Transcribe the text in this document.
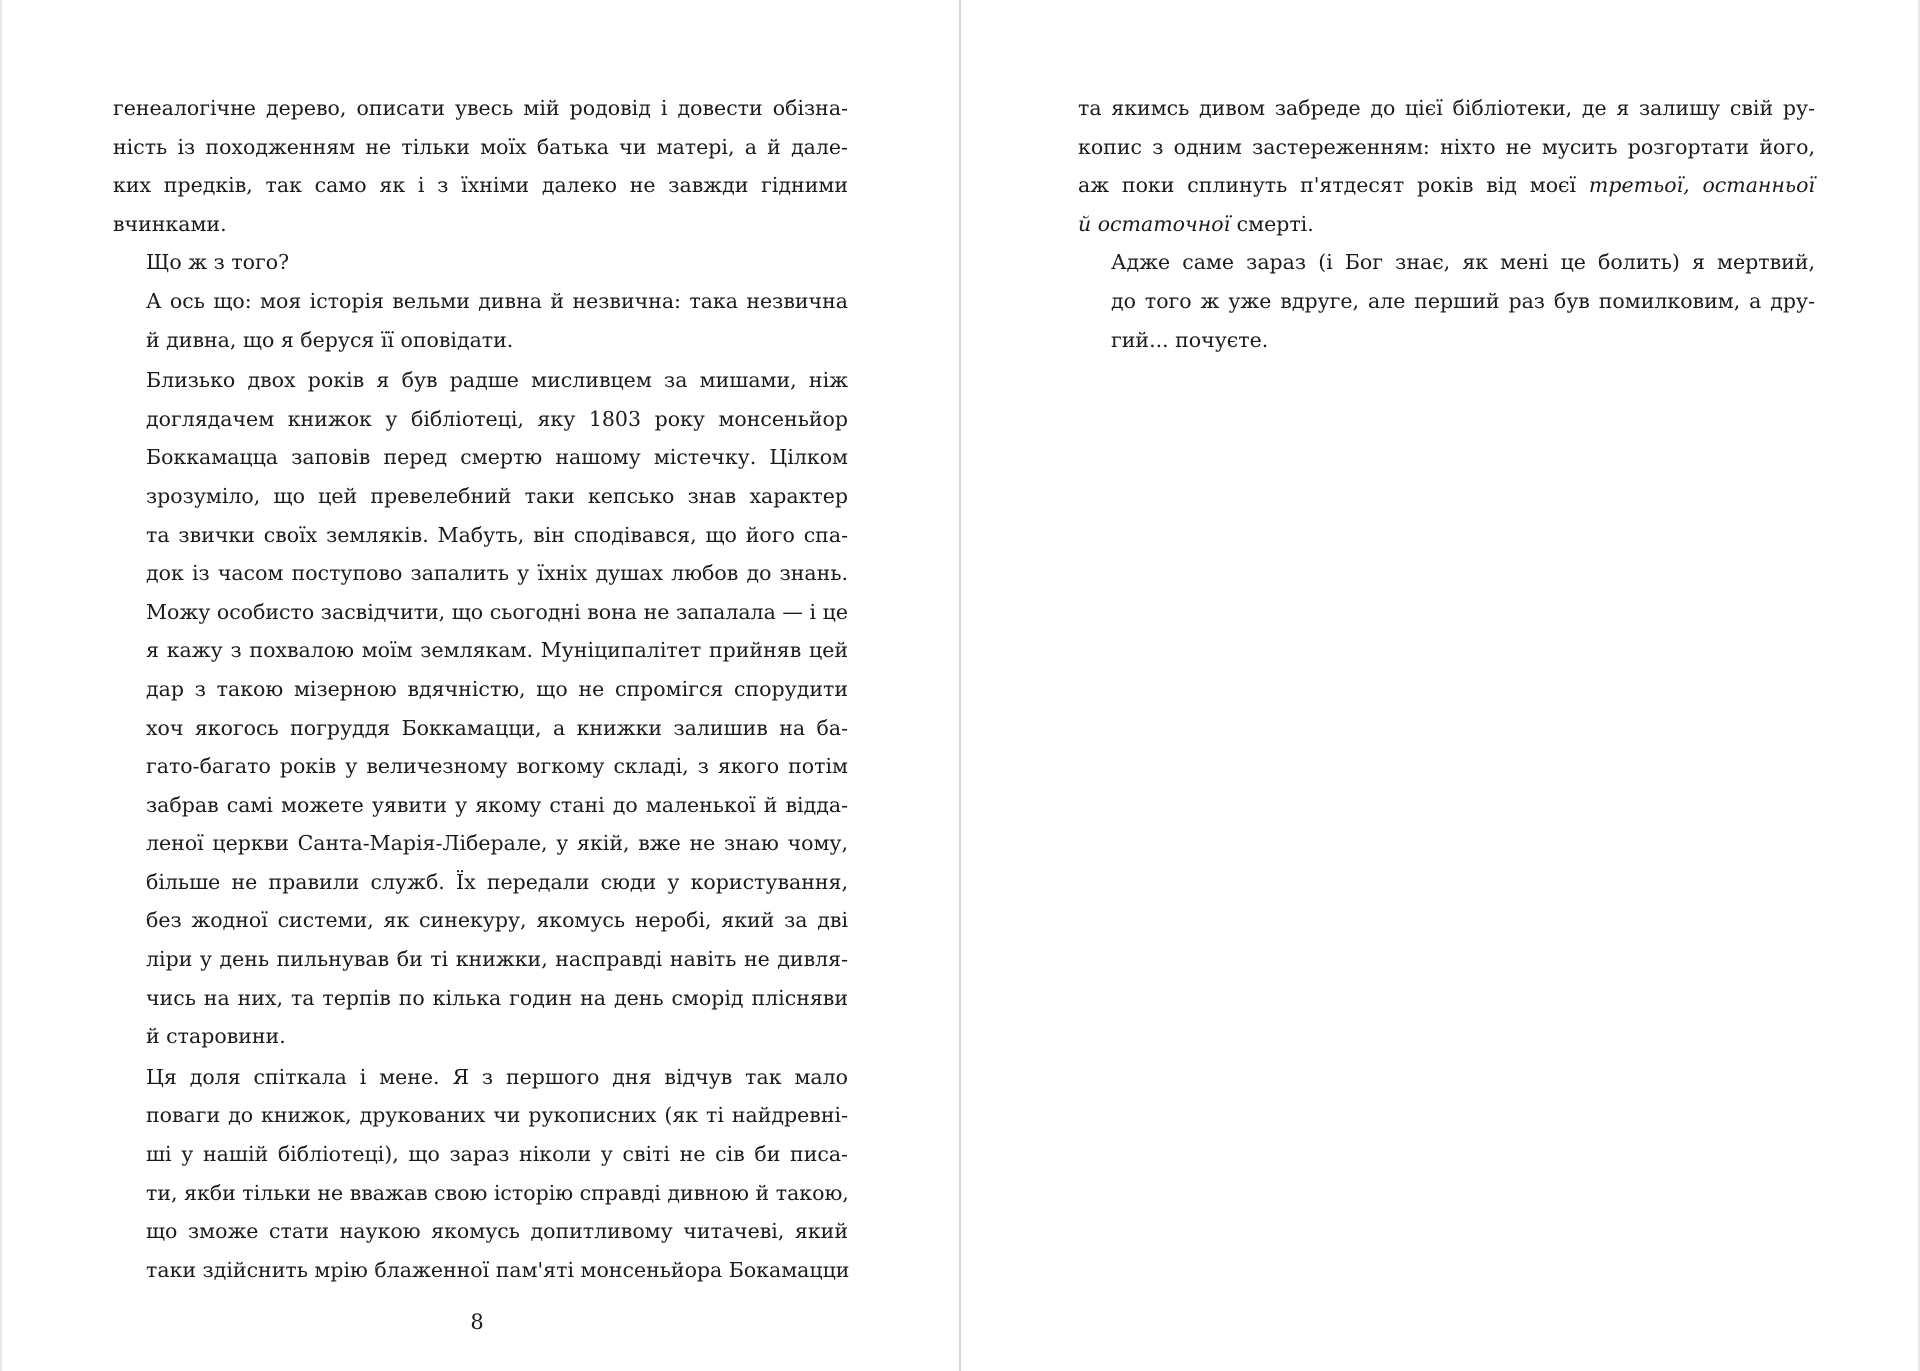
генеалогічне дерево, описати увесь мій родовід і довести обізна-
ність із походженням не тільки моїх батька чи матері, а й дале-
ких предків, так само як і з їхніми далеко не завжди гідними
вчинками.

Що ж з того?

А ось що: моя історія вельми дивна й незвична: така незвична
й дивна, що я беруся її оповідати.

Близько двох років я був радше мисливцем за мишами, ніж
доглядачем книжок у бібліотеці, яку 1803 року монсеньйор
Боккамацца заповів перед смертю нашому містечку. Цілком
зрозуміло, що цей превелебний таки кепсько знав характер
та звички своїх земляків. Мабуть, він сподівався, що його спа-
док із часом поступово запалить у їхніх душах любов до знань.
Можу особисто засвідчити, що сьогодні вона не запалала — і це
я кажу з похвалою моїм землякам. Муніципалітет прийняв цей
дар з такою мізерною вдячністю, що не спромігся спорудити
хоч якогось погруддя Боккамацци, а книжки залишив на ба-
гато-багато років у величезному вогкому складі, з якого потім
забрав самі можете уявити у якому стані до маленької й відда-
леної церкви Санта-Марія-Ліберале, у якій, вже не знаю чому,
більше не правили служб. Їх передали сюди у користування,
без жодної системи, як синекуру, якомусь неробі, який за дві
ліри у день пильнував би ті книжки, насправді навіть не дивля-
чись на них, та терпів по кілька годин на день сморід плісняви
й старовини.

Ця доля спіткала і мене. Я з першого дня відчув так мало
поваги до книжок, друкованих чи рукописних (як ті найдревні-
ші у нашій бібліотеці), що зараз ніколи у світі не сів би писа-
ти, якби тільки не вважав свою історію справді дивною й такою,
що зможе стати наукою якомусь допитливому читачеві, який
таки здійснить мрію блаженної пам'яті монсеньйора Бокамацци

8

та якимсь дивом забреде до цієї бібліотеки, де я залишу свій ру-
копис з одним застереженням: ніхто не мусить розгортати його,
аж поки сплинуть п'ятдесят років від моєї третьої, останньої
й остаточної смерті.

Адже саме зараз (і Бог знає, як мені це болить) я мертвий,
до того ж уже вдруге, але перший раз був помилковим, а дру-
гий... почуєте.
